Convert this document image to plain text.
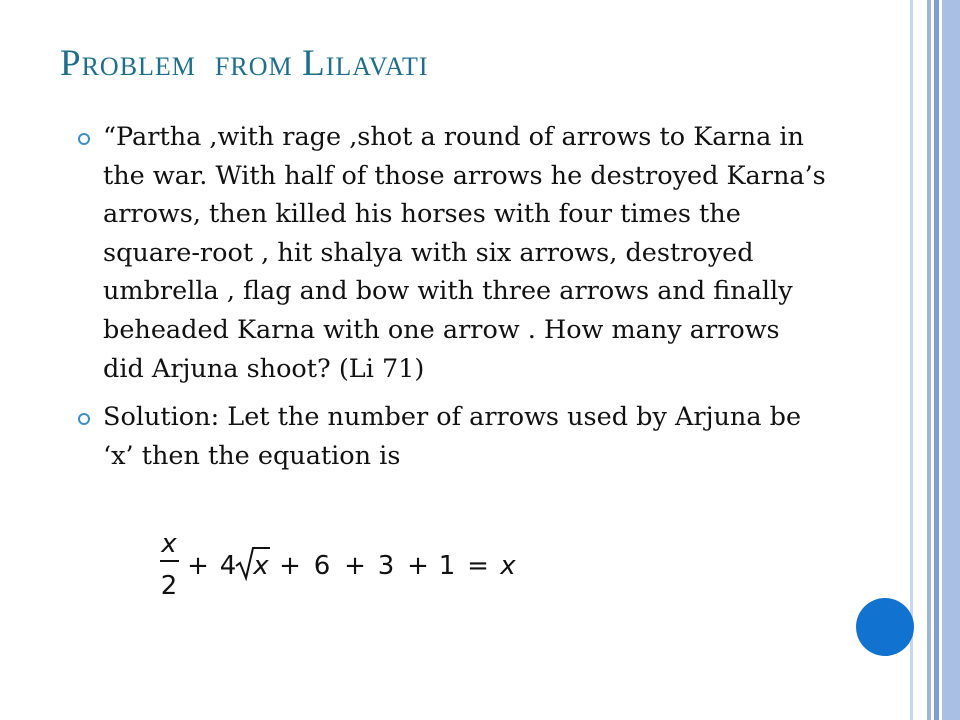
PROBLEM FROM LILAVATI
“Partha ,with rage ,shot a round of arrows to Karna in the war. With half of those arrows he destroyed Karna’s arrows, then killed his horses with four times the square-root , hit shalya with six arrows, destroyed umbrella , flag and bow with three arrows and finally beheaded Karna with one arrow . How many arrows did Arjuna shoot? (Li 71)
Solution: Let the number of arrows used by Arjuna be ‘x’ then the equation is
x
2
+ 4 x + 6 + 3 + 1 = x
